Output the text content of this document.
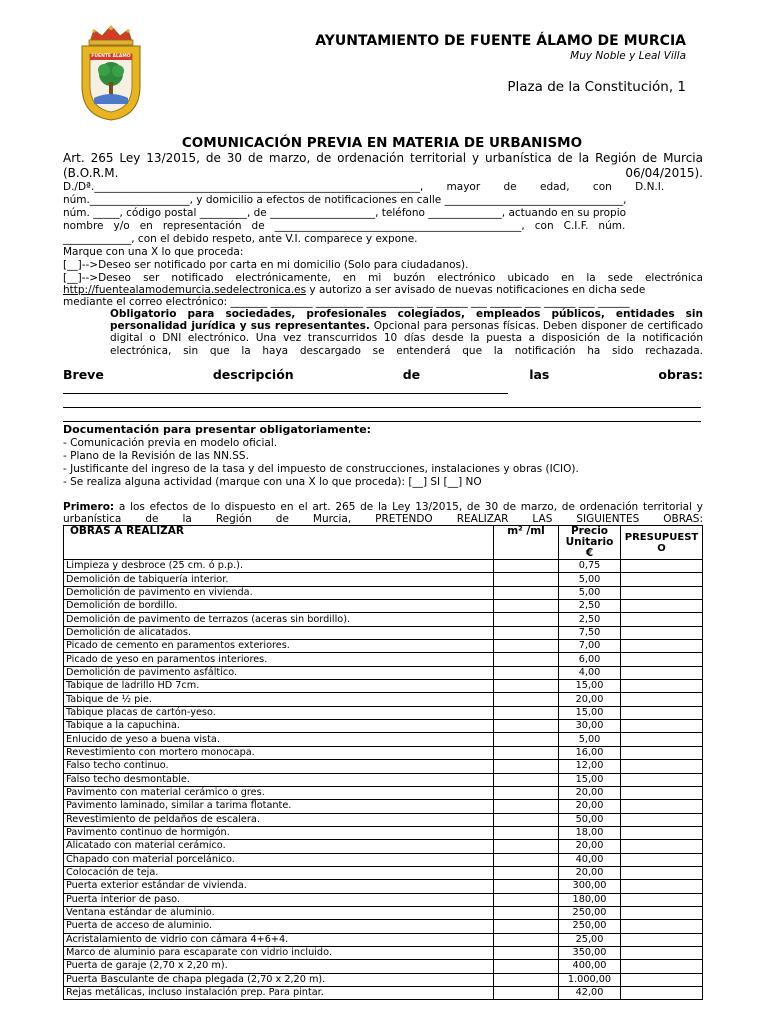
FUENTE ÁLAMO
AYUNTAMIENTO DE FUENTE ÁLAMO DE MURCIA
Muy Noble y Leal Villa
Plaza de la Constitución, 1
COMUNICACIÓN PREVIA EN MATERIA DE URBANISMO
Art. 265 Ley 13/2015, de 30 de marzo, de ordenación territorial y urbanística de la Región de Murcia (B.O.R.M. 06/04/2015).
D./Dª.______________________________________________________________,       mayor       de       edad,       con       D.N.I.
núm.___________________, y domicilio a efectos de notificaciones en calle __________________________________,
núm. _____, código postal _________, de ____________________, teléfono ______________, actuando en su propio
nombre   y/o   en   representación   de   _______________________________________________,   con   C.I.F.   núm.
_____________, con el debido respeto, ante V.I. comparece y expone.
Marque con una X lo que proceda:
[__]-->Deseo ser notificado por carta en mi domicilio (Solo para ciudadanos).
[__]-->Deseo ser notificado electrónicamente, en mi buzón electrónico ubicado en la sede electrónica
http://fuentealamodemurcia.sedelectronica.es y autorizo a ser avisado de nuevas notificaciones en dicha sede
mediante el correo electrónico: _______ ________ _________ _________ ___ ______ ___ ______ ___ ______ ___ ______
Obligatorio para sociedades, profesionales colegiados, empleados públicos, entidades sin personalidad jurídica y sus representantes. Opcional para personas físicas. Deben disponer de certificado digital o DNI electrónico. Una vez transcurridos 10 días desde la puesta a disposición de la notificación electrónica, sin que la haya descargado se entenderá que la notificación ha sido rechazada.
Breve	descripción	de	las	obras:
Documentación para presentar obligatoriamente:
- Comunicación previa en modelo oficial.
- Plano de la Revisión de las NN.SS.
- Justificante del ingreso de la tasa y del impuesto de construcciones, instalaciones y obras (ICIO).
- Se realiza alguna actividad (marque con una X lo que proceda): [__] SI [__] NO
Primero: a los efectos de lo dispuesto en el art. 265 de la Ley 13/2015, de 30 de marzo, de ordenación territorial y urbanística de la Región de Murcia, PRETENDO REALIZAR LAS SIGUIENTES OBRAS:
OBRAS A REALIZAR	m² /ml	Precio Unitario €	PRESUPUESTO
Limpieza y desbroce (25 cm. ó p.p.).		0,75	
Demolición de tabiquería interior.		5,00	
Demolición de pavimento en vivienda.		5,00	
Demolición de bordillo.		2,50	
Demolición de pavimento de terrazos (aceras sin bordillo).		2,50	
Demolición de alicatados.		7,50	
Picado de cemento en paramentos exteriores.		7,00	
Picado de yeso en paramentos interiores.		6,00	
Demolición de pavimento asfáltico.		4,00	
Tabique de ladrillo HD 7cm.		15,00	
Tabique de ½ pie.		20,00	
Tabique placas de cartón-yeso.		15,00	
Tabique a la capuchina.		30,00	
Enlucido de yeso a buena vista.		5,00	
Revestimiento con mortero monocapa.		16,00	
Falso techo continuo.		12,00	
Falso techo desmontable.		15,00	
Pavimento con material cerámico o gres.		20,00	
Pavimento laminado, similar a tarima flotante.		20,00	
Revestimiento de peldaños de escalera.		50,00	
Pavimento continuo de hormigón.		18,00	
Alicatado con material cerámico.		20,00	
Chapado con material porcelánico.		40,00	
Colocación de teja.		20,00	
Puerta exterior estándar de vivienda.		300,00	
Puerta interior de paso.		180,00	
Ventana estándar de aluminio.		250,00	
Puerta de acceso de aluminio.		250,00	
Acristalamiento de vidrio con cámara 4+6+4.		25,00	
Marco de aluminio para escaparate con vidrio incluido.		350,00	
Puerta de garaje (2,70 x 2,20 m).		400,00	
Puerta Basculante de chapa plegada (2,70 x 2,20 m).		1.000,00	
Rejas metálicas, incluso instalación prep. Para pintar.		42,00	
